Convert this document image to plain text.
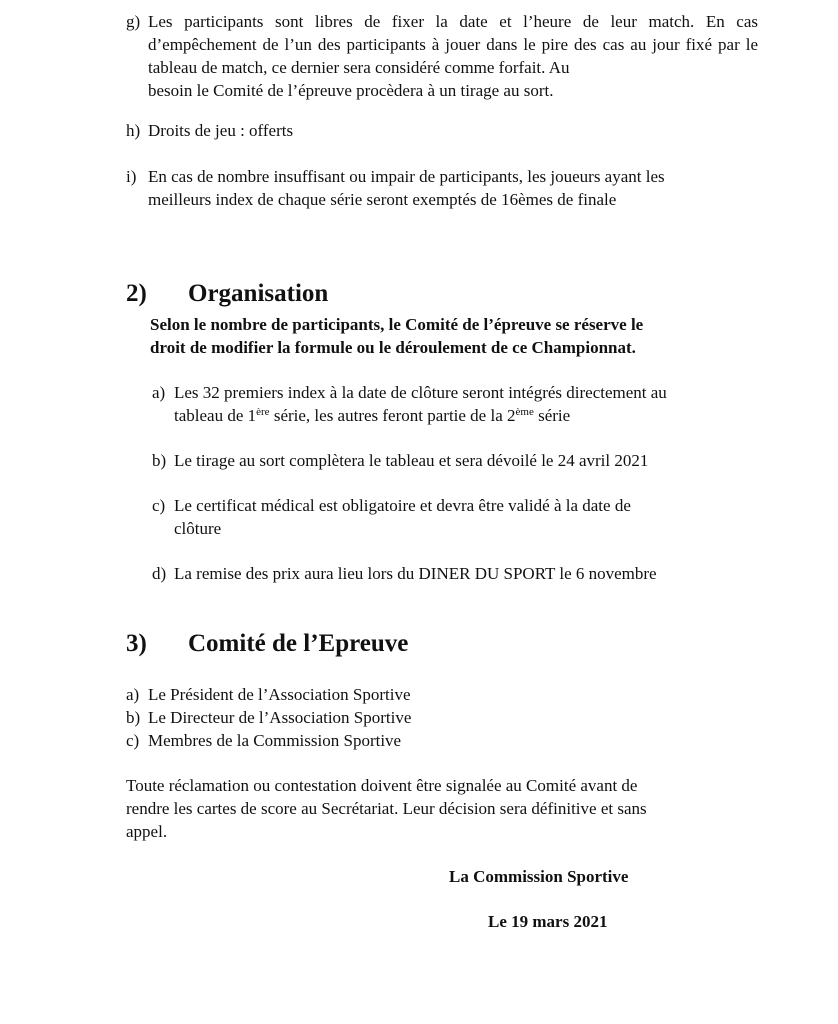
g) Les participants sont libres de fixer la date et l’heure de leur match. En cas d’empêchement de l’un des participants à jouer dans le pire des cas au jour fixé par le tableau de match, ce dernier sera considéré comme forfait. Au
besoin le Comité de l’épreuve procèdera à un tirage au sort.
h) Droits de jeu : offerts
i) En cas de nombre insuffisant ou impair de participants, les joueurs ayant les
meilleurs index de chaque série seront exemptés de 16èmes de finale
2) Organisation
Selon le nombre de participants, le Comité de l’épreuve se réserve le
droit de modifier la formule ou le déroulement de ce Championnat.
a) Les 32 premiers index à la date de clôture seront intégrés directement au
tableau de 1ère série, les autres feront partie de la 2ème série
b) Le tirage au sort complètera le tableau et sera dévoilé le 24 avril 2021
c) Le certificat médical est obligatoire et devra être validé à la date de
clôture
d) La remise des prix aura lieu lors du DINER DU SPORT le 6 novembre
3) Comité de l’Epreuve
a) Le Président de l’Association Sportive
b) Le Directeur de l’Association Sportive
c) Membres de la Commission Sportive
Toute réclamation ou contestation doivent être signalée au Comité avant de
rendre les cartes de score au Secrétariat. Leur décision sera définitive et sans
appel.
La Commission Sportive
Le 19 mars 2021
